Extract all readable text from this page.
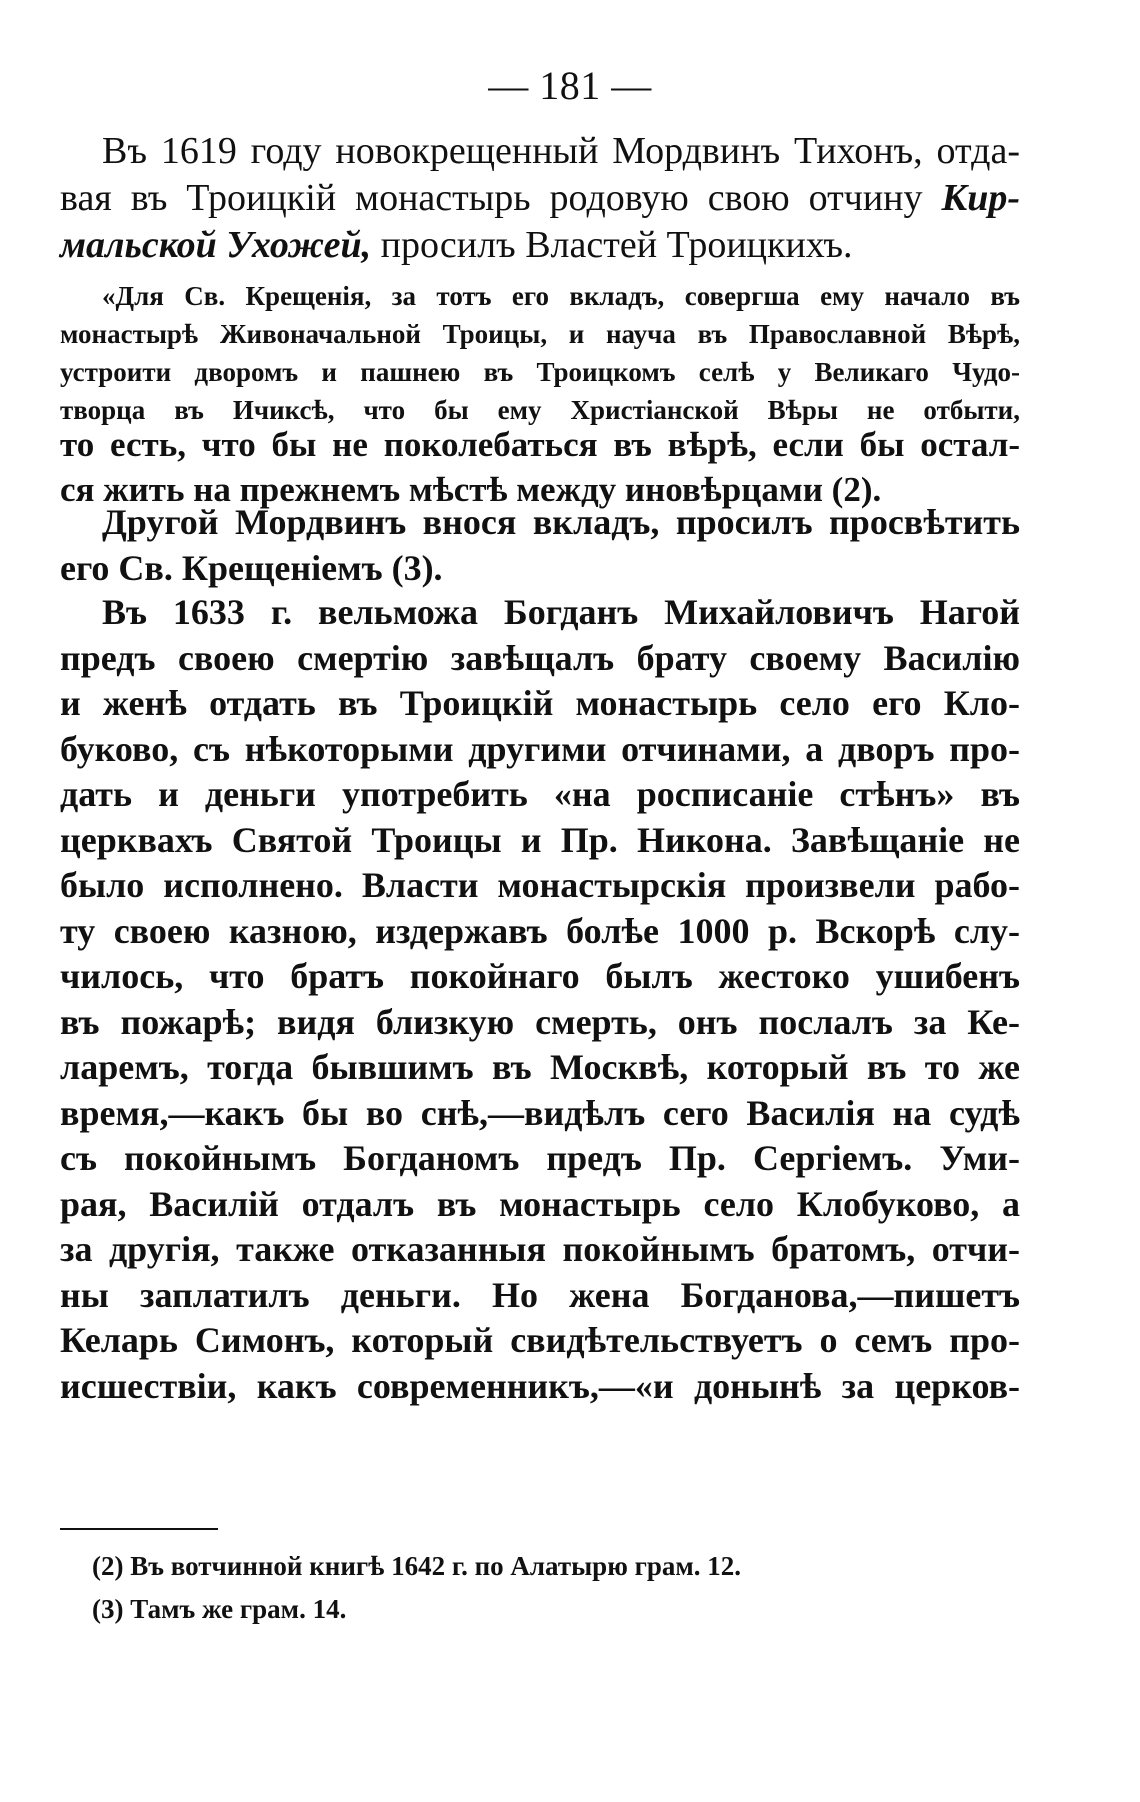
— 181 —
Въ 1619 году новокрещенный Мордвинъ Тихонъ, отда-
вая въ Троицкій монастырь родовую свою отчину Кир-
мальской Ухожей, просилъ Властей Троицкихъ.
«Для Св. Крещенія, за тотъ его вкладъ, совергша ему начало въ
монастырѣ Живоначальной Троицы, и науча въ Православной Вѣрѣ,
устроити дворомъ и пашнею въ Троицкомъ селѣ у Великаго Чудо-
творца въ Ичиксѣ, что бы ему Христіанской Вѣры не отбыти,
то есть, что бы не поколебаться въ вѣрѣ, если бы остал-
ся жить на прежнемъ мѣстѣ между иновѣрцами (2).
Другой Мордвинъ внося вкладъ, просилъ просвѣтить
его Св. Крещеніемъ (3).
Въ 1633 г. вельможа Богданъ Михайловичъ Нагой
предъ своею смертію завѣщалъ брату своему Василію
и женѣ отдать въ Троицкій монастырь село его Кло-
буково, съ нѣкоторыми другими отчинами, а дворъ про-
дать и деньги употребить «на росписаніе стѣнъ» въ
церквахъ Святой Троицы и Пр. Никона. Завѣщаніе не
было исполнено. Власти монастырскія произвели рабо-
ту своею казною, издержавъ болѣе 1000 р. Вскорѣ слу-
чилось, что братъ покойнаго былъ жестоко ушибенъ
въ пожарѣ; видя близкую смерть, онъ послалъ за Ке-
ларемъ, тогда бывшимъ въ Москвѣ, который въ то же
время,—какъ бы во снѣ,—видѣлъ сего Василія на судѣ
съ покойнымъ Богданомъ предъ Пр. Сергіемъ. Уми-
рая, Василій отдалъ въ монастырь село Клобуково, а
за другія, также отказанныя покойнымъ братомъ, отчи-
ны заплатилъ деньги. Но жена Богданова,—пишетъ
Келарь Симонъ, который свидѣтельствуетъ о семъ про-
исшествіи, какъ современникъ,—«и донынѣ за церков-
(2) Въ вотчинной книгѣ 1642 г. по Алатырю грам. 12.
(3) Тамъ же грам. 14.
